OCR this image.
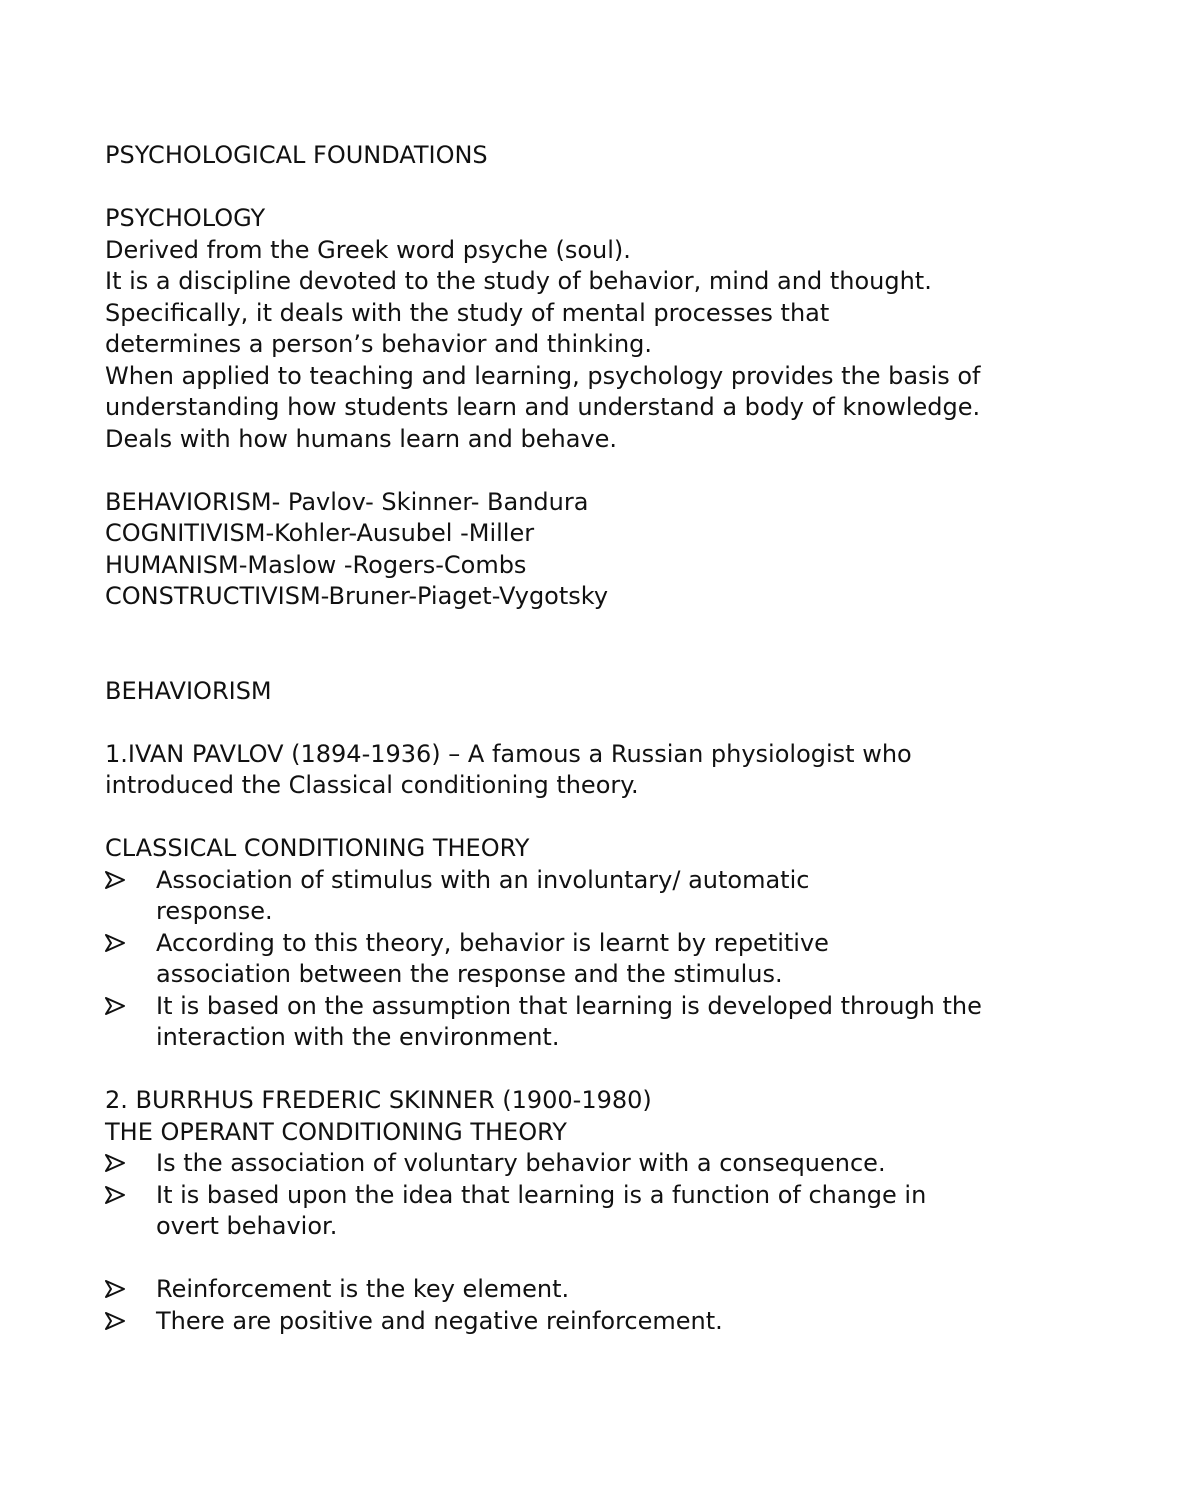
PSYCHOLOGICAL FOUNDATIONS

PSYCHOLOGY

Derived from the Greek word psyche (soul).

It is a discipline devoted to the study of behavior, mind and thought.

Specifically, it deals with the study of mental processes that determines a person’s behavior and thinking.

When applied to teaching and learning, psychology provides the basis of understanding how students learn and understand a body of knowledge.

Deals with how humans learn and behave.

BEHAVIORISM- Pavlov- Skinner- Bandura

COGNITIVISM-Kohler-Ausubel -Miller

HUMANISM-Maslow -Rogers-Combs

CONSTRUCTIVISM-Bruner-Piaget-Vygotsky

BEHAVIORISM

1.IVAN PAVLOV (1894-1936) – A famous a Russian physiologist who introduced the Classical conditioning theory.

CLASSICAL CONDITIONING THEORY

Association of stimulus with an involuntary/ automatic response.
According to this theory, behavior is learnt by repetitive association between the response and the stimulus.
It is based on the assumption that learning is developed through the interaction with the environment.

2. BURRHUS FREDERIC SKINNER (1900-1980)

THE OPERANT CONDITIONING THEORY

Is the association of voluntary behavior with a consequence.
It is based upon the idea that learning is a function of change in overt behavior.
Reinforcement is the key element.
There are positive and negative reinforcement.
